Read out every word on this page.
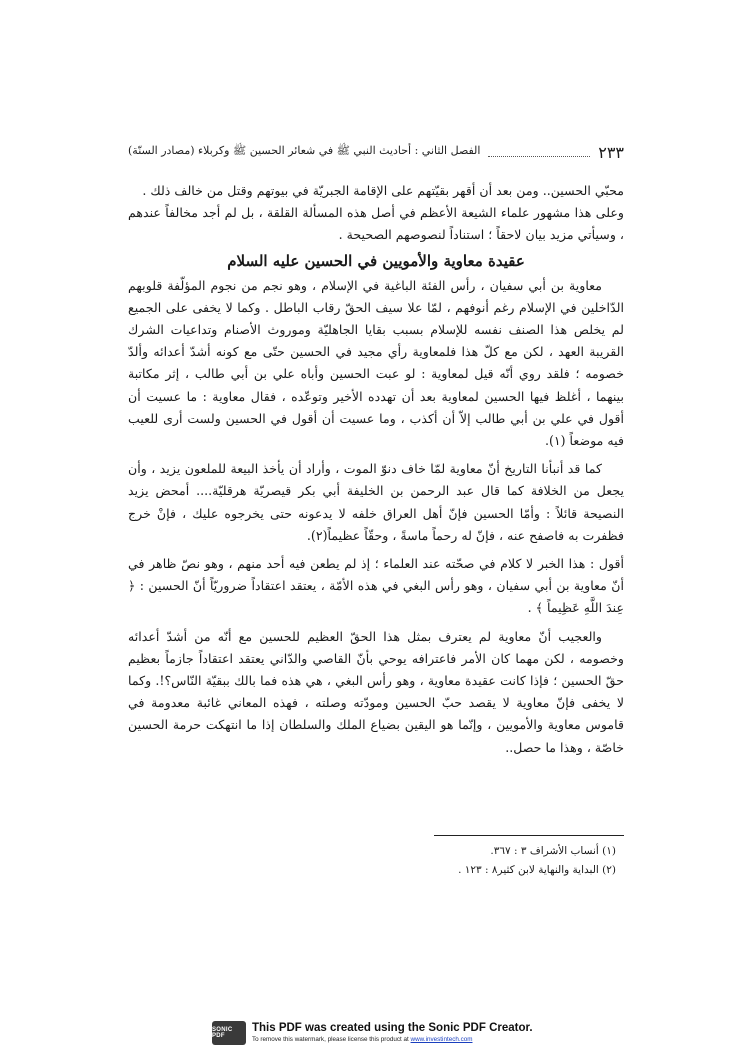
الفصل الثاني : أحاديث النبي ﷺ في شعائر الحسين ﷺ وكربلاء (مصادر السنّة)	٢٣٣

محبّي الحسين.. ومن بعد أن أقهر بقيّتهم على الإقامة الجبريّة في بيوتهم وقتل من خالف ذلك .

وعلى هذا مشهور علماء الشيعة الأعظم في أصل هذه المسألة القلقة ، بل لم أجد مخالفاً عندهم ، وسيأتي مزيد بيان لاحقاً ؛ استناداً لنصوصهم الصحيحة .

عقيدة معاوية والأمويين في الحسين عليه السلام

معاوية بن أبي سفيان ، رأس الفئة الباغية في الإسلام ، وهو نجم من نجوم المؤلّفة قلوبهم الدّاخلين في الإسلام رغم أنوفهم ، لمّا علا سيف الحقّ رقاب الباطل . وكما لا يخفى على الجميع لم يخلص هذا الصنف نفسه للإسلام بسبب بقايا الجاهليّة وموروث الأصنام وتداعيات الشرك القريبة العهد ، لكن مع كلّ هذا فلمعاوية رأي مجيد في الحسين حتّى مع كونه أشدّ أعدائه وألدّ خصومه ؛ فلقد روي أنّه قيل لمعاوية : لو عبت الحسين وأباه علي بن أبي طالب ، إثر مكاتبة بينهما ، أغلظ فيها الحسين لمعاوية بعد أن تهدده الأخير وتوعّده ، فقال معاوية : ما عسيت أن أقول في علي بن أبي طالب إلاّ أن أكذب ، وما عسيت أن أقول في الحسين ولست أرى للعيب فيه موضعاً (١).

كما قد أنبأنا التاريخ أنّ معاوية لمّا خاف دنوّ الموت ، وأراد أن يأخذ البيعة للملعون يزيد ، وأن يجعل من الخلافة كما قال عبد الرحمن بن الخليفة أبي بكر قيصريّة هرقليّة.... أمحض يزيد النصيحة قائلاً : وأمّا الحسين فإنّ أهل العراق خلفه لا يدعونه حتى يخرجوه عليك ، فإنْ خرج فظفرت به فاصفح عنه ، فإنّ له رحماً ماسةً ، وحقّاً عظيماً(٢).

أقول : هذا الخبر لا كلام في صحّته عند العلماء ؛ إذ لم يطعن فيه أحد منهم ، وهو نصّ ظاهر في أنّ معاوية بن أبي سفيان ، وهو رأس البغي في هذه الأمّة ، يعتقد اعتقاداً ضروريّاً أنّ الحسين : ﴿ عِندَ اللَّهِ عَظِيماً ﴾ .

والعجيب أنّ معاوية لم يعترف بمثل هذا الحقّ العظيم للحسين مع أنّه من أشدّ أعدائه وخصومه ، لكن مهما كان الأمر فاعترافه يوحي بأنّ القاصي والدّاني يعتقد اعتقاداً جازماً بعظيم حقّ الحسين ؛ فإذا كانت عقيدة معاوية ، وهو رأس البغي ، هي هذه فما بالك ببقيّة النّاس؟!. وكما لا يخفى فإنّ معاوية لا يقصد حبّ الحسين ومودّته وصلته ، فهذه المعاني غائبة معدومة في قاموس معاوية والأمويين ، وإنّما هو اليقين بضياع الملك والسلطان إذا ما انتهكت حرمة الحسين خاصّة ، وهذا ما حصل..

(١) أنساب الأشراف ٣ : ٣٦٧.
(٢) البداية والنهاية لابن كثير٨ : ١٢٣ .
SONIC PDF
This PDF was created using the Sonic PDF Creator.
To remove this watermark, please license this product at www.investintech.com
